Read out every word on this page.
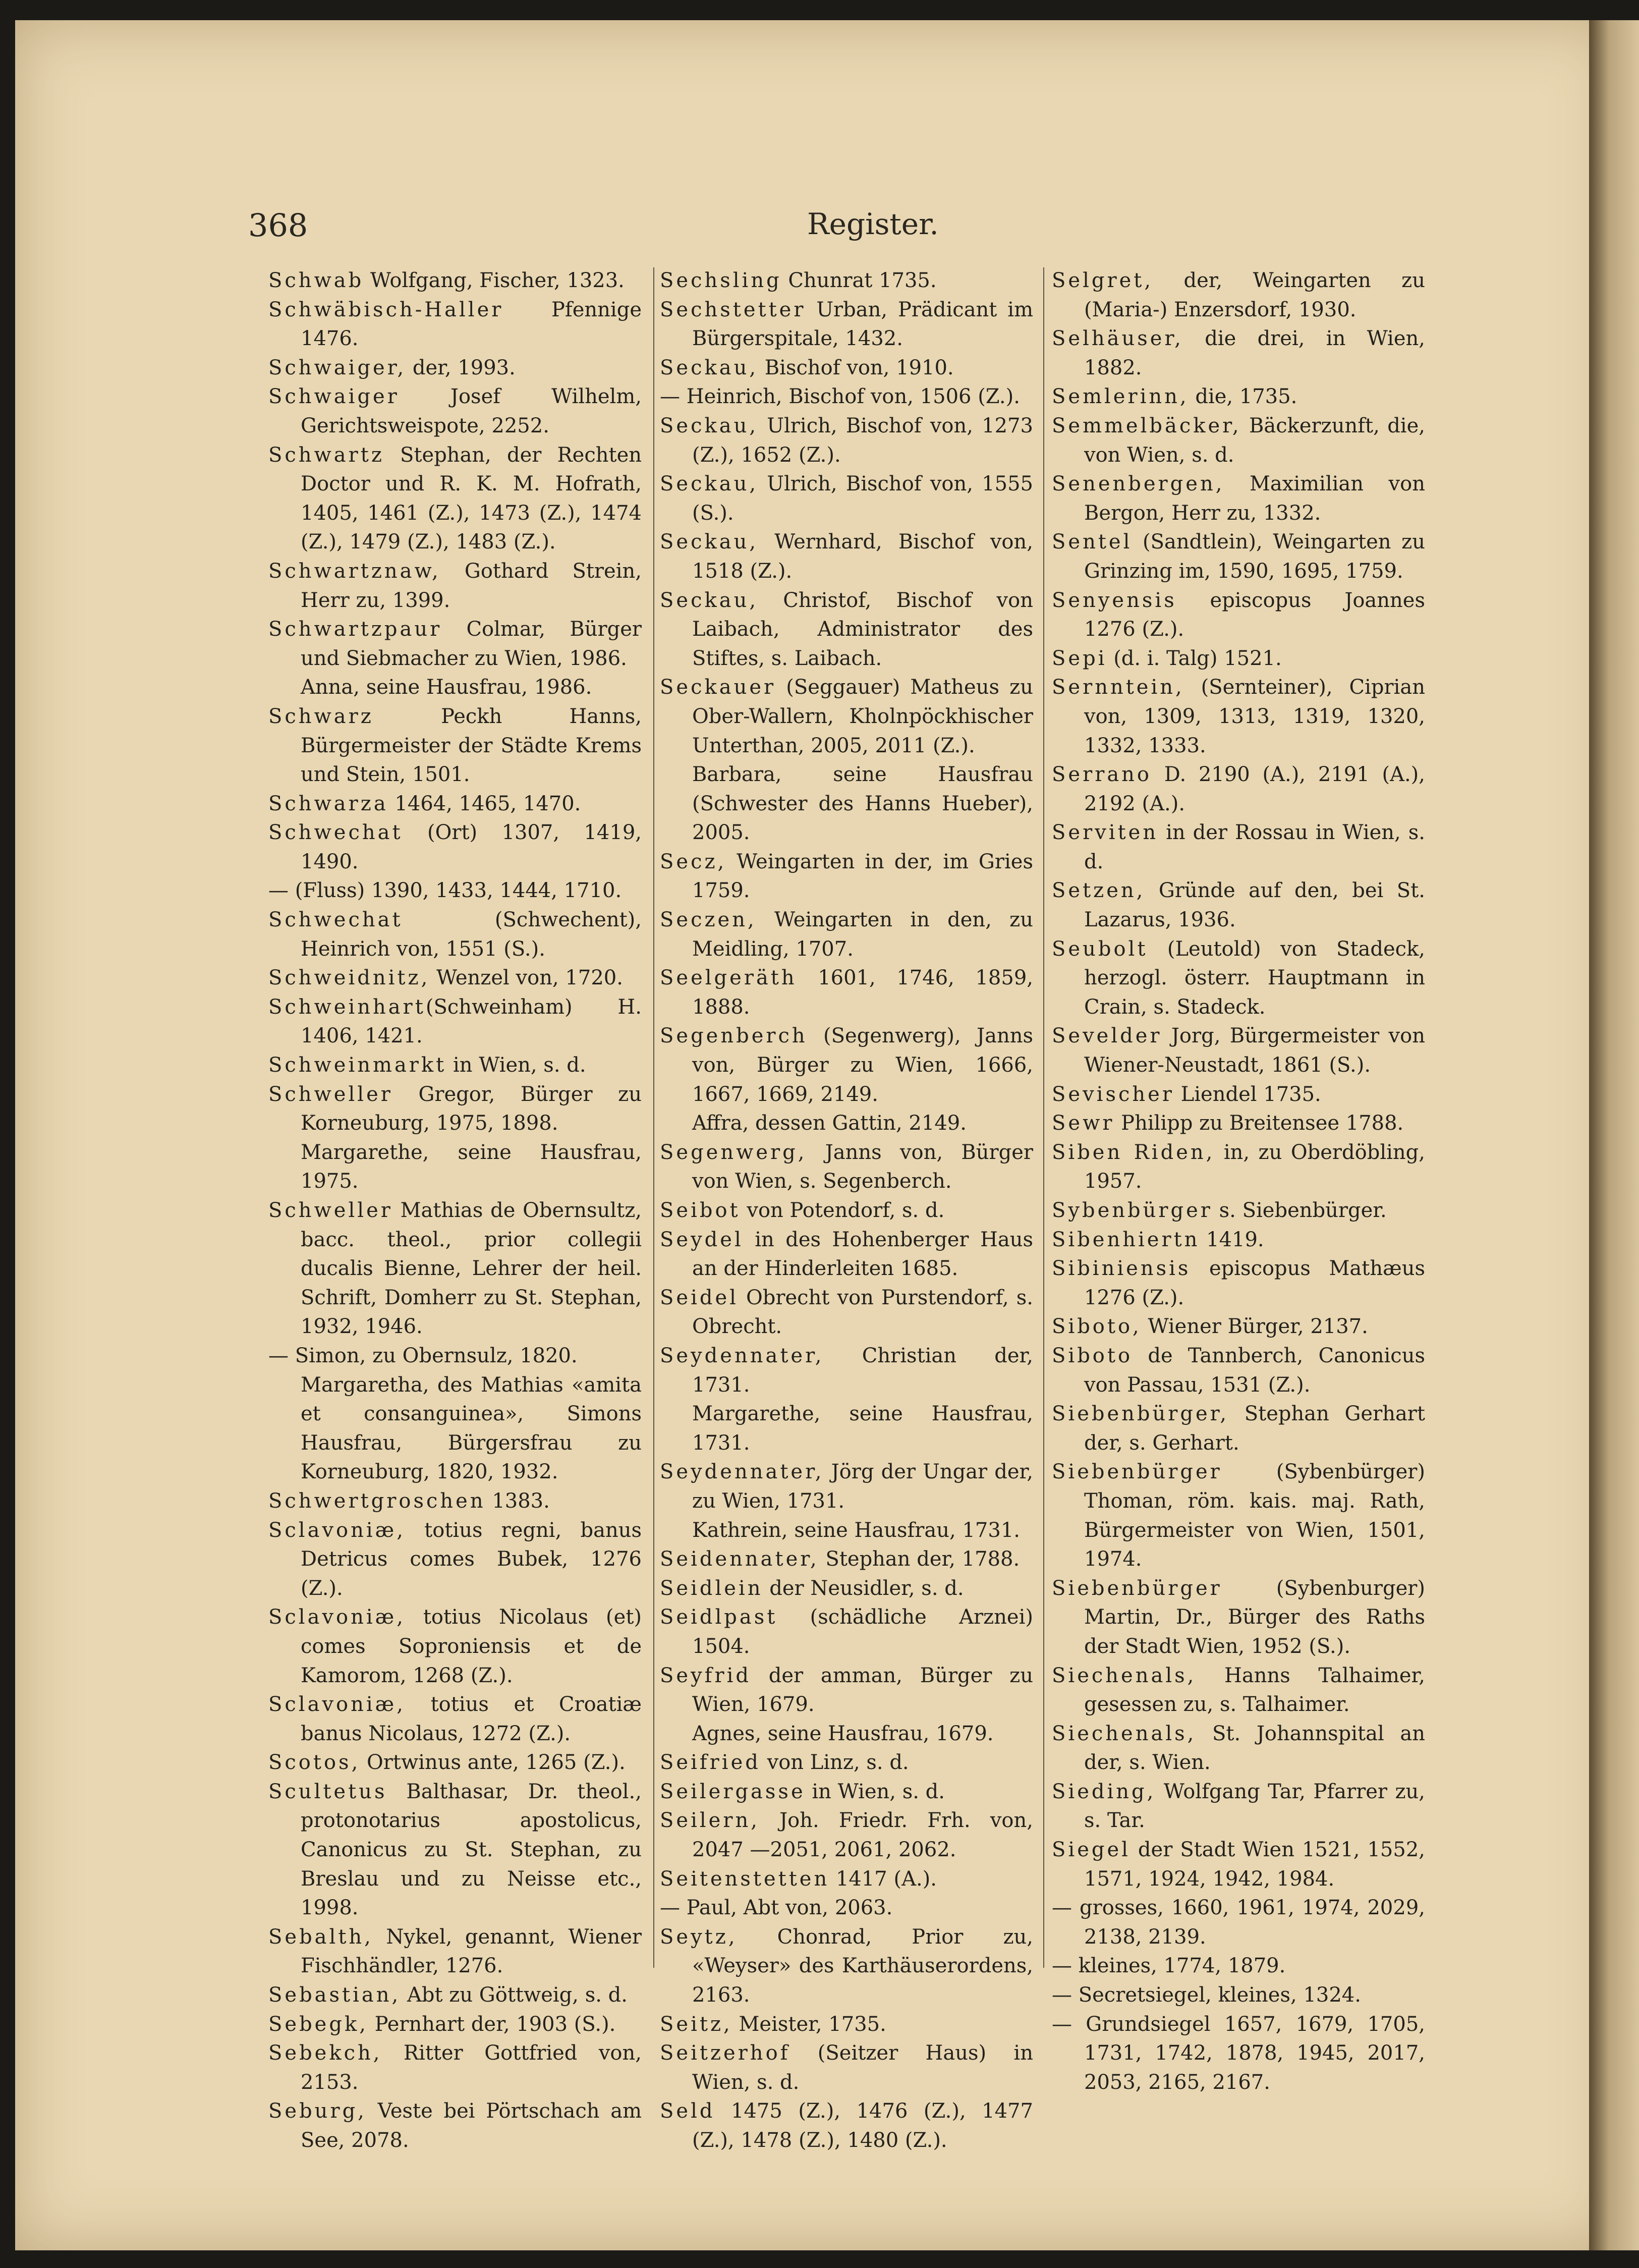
368	Register.

Schwab Wolfgang, Fischer, 1323.

Schwäbisch-Haller Pfennige 1476.

Schwaiger, der, 1993.

Schwaiger Josef Wilhelm, Gerichtsweispote, 2252.

Schwartz Stephan, der Rechten Doctor und R. K. M. Hofrath, 1405, 1461 (Z.), 1473 (Z.), 1474 (Z.), 1479 (Z.), 1483 (Z.).

Schwartznaw, Gothard Strein, Herr zu, 1399.

Schwartzpaur Colmar, Bürger und Siebmacher zu Wien, 1986.

Anna, seine Hausfrau, 1986.

Schwarz Peckh Hanns, Bürgermeister der Städte Krems und Stein, 1501.

Schwarza 1464, 1465, 1470.

Schwechat (Ort) 1307, 1419, 1490.

— (Fluss) 1390, 1433, 1444, 1710.

Schwechat (Schwechent), Heinrich von, 1551 (S.).

Schweidnitz, Wenzel von, 1720.

Schweinhart(Schweinham) H. 1406, 1421.

Schweinmarkt in Wien, s. d.

Schweller Gregor, Bürger zu Korneuburg, 1975, 1898.

Margarethe, seine Hausfrau, 1975.

Schweller Mathias de Obernsultz, bacc. theol., prior collegii ducalis Bienne, Lehrer der heil. Schrift, Domherr zu St. Stephan, 1932, 1946.

— Simon, zu Obernsulz, 1820.

Margaretha, des Mathias «amita et consanguinea», Simons Hausfrau, Bürgersfrau zu Korneuburg, 1820, 1932.

Schwertgroschen 1383.

Sclavoniæ, totius regni, banus Detricus comes Bubek, 1276 (Z.).

Sclavoniæ, totius Nicolaus (et) comes Soproniensis et de Kamorom, 1268 (Z.).

Sclavoniæ, totius et Croatiæ banus Nicolaus, 1272 (Z.).

Scotos, Ortwinus ante, 1265 (Z.).

Scultetus Balthasar, Dr. theol., protonotarius apostolicus, Canonicus zu St. Stephan, zu Breslau und zu Neisse etc., 1998.

Sebalth, Nykel, genannt, Wiener Fischhändler, 1276.

Sebastian, Abt zu Göttweig, s. d.

Sebegk, Pernhart der, 1903 (S.).

Sebekch, Ritter Gottfried von, 2153.

Seburg, Veste bei Pörtschach am See, 2078.

Sechsling Chunrat 1735.

Sechstetter Urban, Prädicant im Bürgerspitale, 1432.

Seckau, Bischof von, 1910.

— Heinrich, Bischof von, 1506 (Z.).

Seckau, Ulrich, Bischof von, 1273 (Z.), 1652 (Z.).

Seckau, Ulrich, Bischof von, 1555 (S.).

Seckau, Wernhard, Bischof von, 1518 (Z.).

Seckau, Christof, Bischof von Laibach, Administrator des Stiftes, s. Laibach.

Seckauer (Seggauer) Matheus zu Ober-Wallern, Kholnpöckhischer Unterthan, 2005, 2011 (Z.).

Barbara, seine Hausfrau (Schwester des Hanns Hueber), 2005.

Secz, Weingarten in der, im Gries 1759.

Seczen, Weingarten in den, zu Meidling, 1707.

Seelgeräth 1601, 1746, 1859, 1888.

Segenberch (Segenwerg), Janns von, Bürger zu Wien, 1666, 1667, 1669, 2149.

Affra, dessen Gattin, 2149.

Segenwerg, Janns von, Bürger von Wien, s. Segenberch.

Seibot von Potendorf, s. d.

Seydel in des Hohenberger Haus an der Hinderleiten 1685.

Seidel Obrecht von Purstendorf, s. Obrecht.

Seydennater, Christian der, 1731.

Margarethe, seine Hausfrau, 1731.

Seydennater, Jörg der Ungar der, zu Wien, 1731.

Kathrein, seine Hausfrau, 1731.

Seidennater, Stephan der, 1788.

Seidlein der Neusidler, s. d.

Seidlpast (schädliche Arznei) 1504.

Seyfrid der amman, Bürger zu Wien, 1679.

Agnes, seine Hausfrau, 1679.

Seifried von Linz, s. d.

Seilergasse in Wien, s. d.

Seilern, Joh. Friedr. Frh. von, 2047 —2051, 2061, 2062.

Seitenstetten 1417 (A.).

— Paul, Abt von, 2063.

Seytz, Chonrad, Prior zu, «Weyser» des Karthäuserordens, 2163.

Seitz, Meister, 1735.

Seitzerhof (Seitzer Haus) in Wien, s. d.

Seld 1475 (Z.), 1476 (Z.), 1477 (Z.), 1478 (Z.), 1480 (Z.).

Selgret, der, Weingarten zu (Maria-) Enzersdorf, 1930.

Selhäuser, die drei, in Wien, 1882.

Semlerinn, die, 1735.

Semmelbäcker, Bäckerzunft, die, von Wien, s. d.

Senenbergen, Maximilian von Bergon, Herr zu, 1332.

Sentel (Sandtlein), Weingarten zu Grinzing im, 1590, 1695, 1759.

Senyensis episcopus Joannes 1276 (Z.).

Sepi (d. i. Talg) 1521.

Sernntein, (Sernteiner), Ciprian von, 1309, 1313, 1319, 1320, 1332, 1333.

Serrano D. 2190 (A.), 2191 (A.), 2192 (A.).

Serviten in der Rossau in Wien, s. d.

Setzen, Gründe auf den, bei St. Lazarus, 1936.

Seubolt (Leutold) von Stadeck, herzogl. österr. Hauptmann in Crain, s. Stadeck.

Sevelder Jorg, Bürgermeister von Wiener-Neustadt, 1861 (S.).

Sevischer Liendel 1735.

Sewr Philipp zu Breitensee 1788.

Siben Riden, in, zu Oberdöbling, 1957.

Sybenbürger s. Siebenbürger.

Sibenhiertn 1419.

Sibiniensis episcopus Mathæus 1276 (Z.).

Siboto, Wiener Bürger, 2137.

Siboto de Tannberch, Canonicus von Passau, 1531 (Z.).

Siebenbürger, Stephan Gerhart der, s. Gerhart.

Siebenbürger (Sybenbürger) Thoman, röm. kais. maj. Rath, Bürgermeister von Wien, 1501, 1974.

Siebenbürger (Sybenburger) Martin, Dr., Bürger des Raths der Stadt Wien, 1952 (S.).

Siechenals, Hanns Talhaimer, gesessen zu, s. Talhaimer.

Siechenals, St. Johannspital an der, s. Wien.

Sieding, Wolfgang Tar, Pfarrer zu, s. Tar.

Siegel der Stadt Wien 1521, 1552, 1571, 1924, 1942, 1984.

— grosses, 1660, 1961, 1974, 2029, 2138, 2139.

— kleines, 1774, 1879.

— Secretsiegel, kleines, 1324.

— Grundsiegel 1657, 1679, 1705, 1731, 1742, 1878, 1945, 2017, 2053, 2165, 2167.
